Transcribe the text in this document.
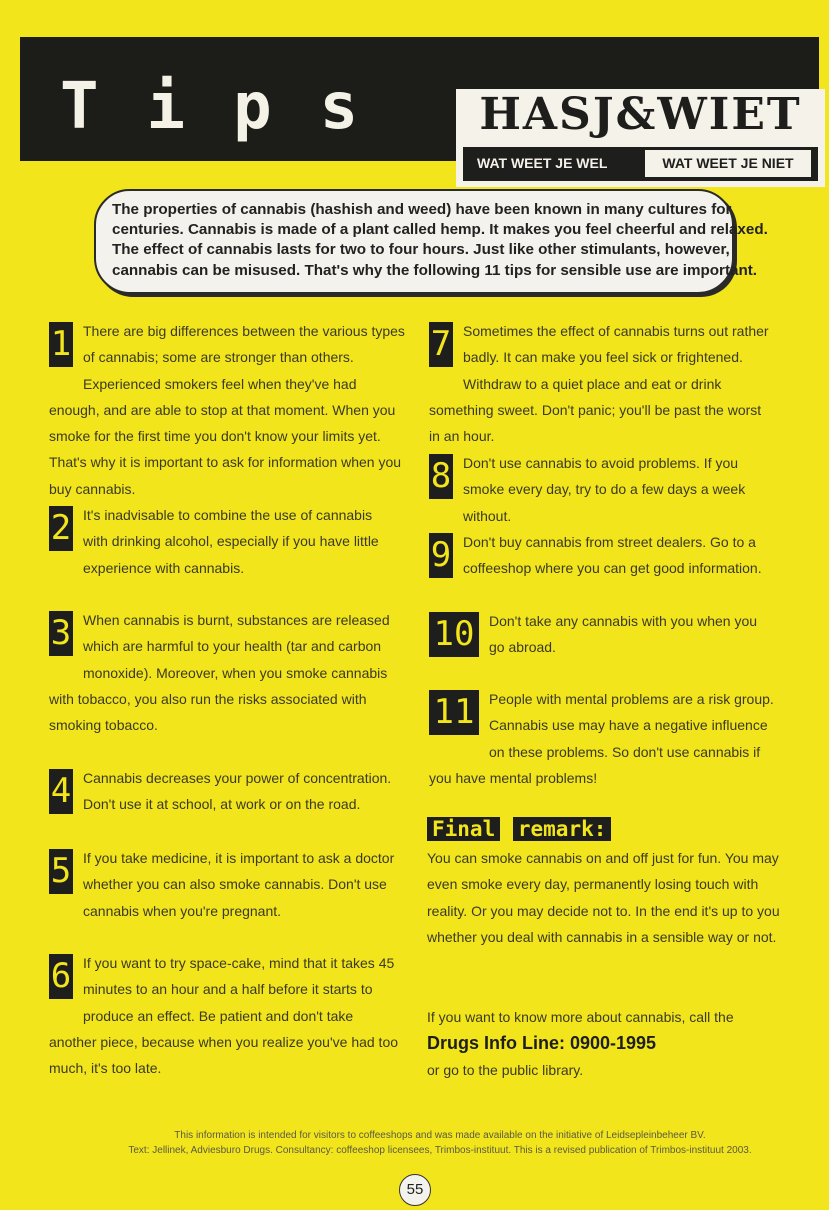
Tips	HASJ&WIET
WAT WEET JE WEL	WAT WEET JE NIET
The properties of cannabis (hashish and weed) have been known in many cultures for
centuries. Cannabis is made of a plant called hemp. It makes you feel cheerful and relaxed.
The effect of cannabis lasts for two to four hours. Just like other stimulants, however,
cannabis can be misused. That's why the following 11 tips for sensible use are important.
1 There are big differences between the various types of cannabis; some are stronger than others. Experienced smokers feel when they've had enough, and are able to stop at that moment. When you smoke for the first time you don't know your limits yet. That's why it is important to ask for information when you buy cannabis.

2 It's inadvisable to combine the use of cannabis with drinking alcohol, especially if you have little experience with cannabis.

3 When cannabis is burnt, substances are released which are harmful to your health (tar and carbon monoxide). Moreover, when you smoke cannabis with tobacco, you also run the risks associated with smoking tobacco.

4 Cannabis decreases your power of concentration. Don't use it at school, at work or on the road.

5 If you take medicine, it is important to ask a doctor whether you can also smoke cannabis. Don't use cannabis when you're pregnant.

6 If you want to try space-cake, mind that it takes 45 minutes to an hour and a half before it starts to produce an effect. Be patient and don't take another piece, because when you realize you've had too much, it's too late.

7 Sometimes the effect of cannabis turns out rather badly. It can make you feel sick or frightened. Withdraw to a quiet place and eat or drink something sweet. Don't panic; you'll be past the worst in an hour.

8 Don't use cannabis to avoid problems. If you smoke every day, try to do a few days a week without.

9 Don't buy cannabis from street dealers. Go to a coffeeshop where you can get good information.

10	Don't take any cannabis with you when you go abroad.

11	People with mental problems are a risk group. Cannabis use may have a negative influence on these problems. So don't use cannabis if you have mental problems!

Final remark:
You can smoke cannabis on and off just for fun. You may even smoke every day, permanently losing touch with reality. Or you may decide not to. In the end it's up to you whether you deal with cannabis in a sensible way or not.
If you want to know more about cannabis, call the
Drugs Info Line: 0900-1995
or go to the public library.
This information is intended for visitors to coffeeshops and was made available on the initiative of Leidsepleinbeheer BV.
Text: Jellinek, Adviesburo Drugs. Consultancy: coffeeshop licensees, Trimbos-instituut. This is a revised publication of Trimbos-instituut 2003.
55
